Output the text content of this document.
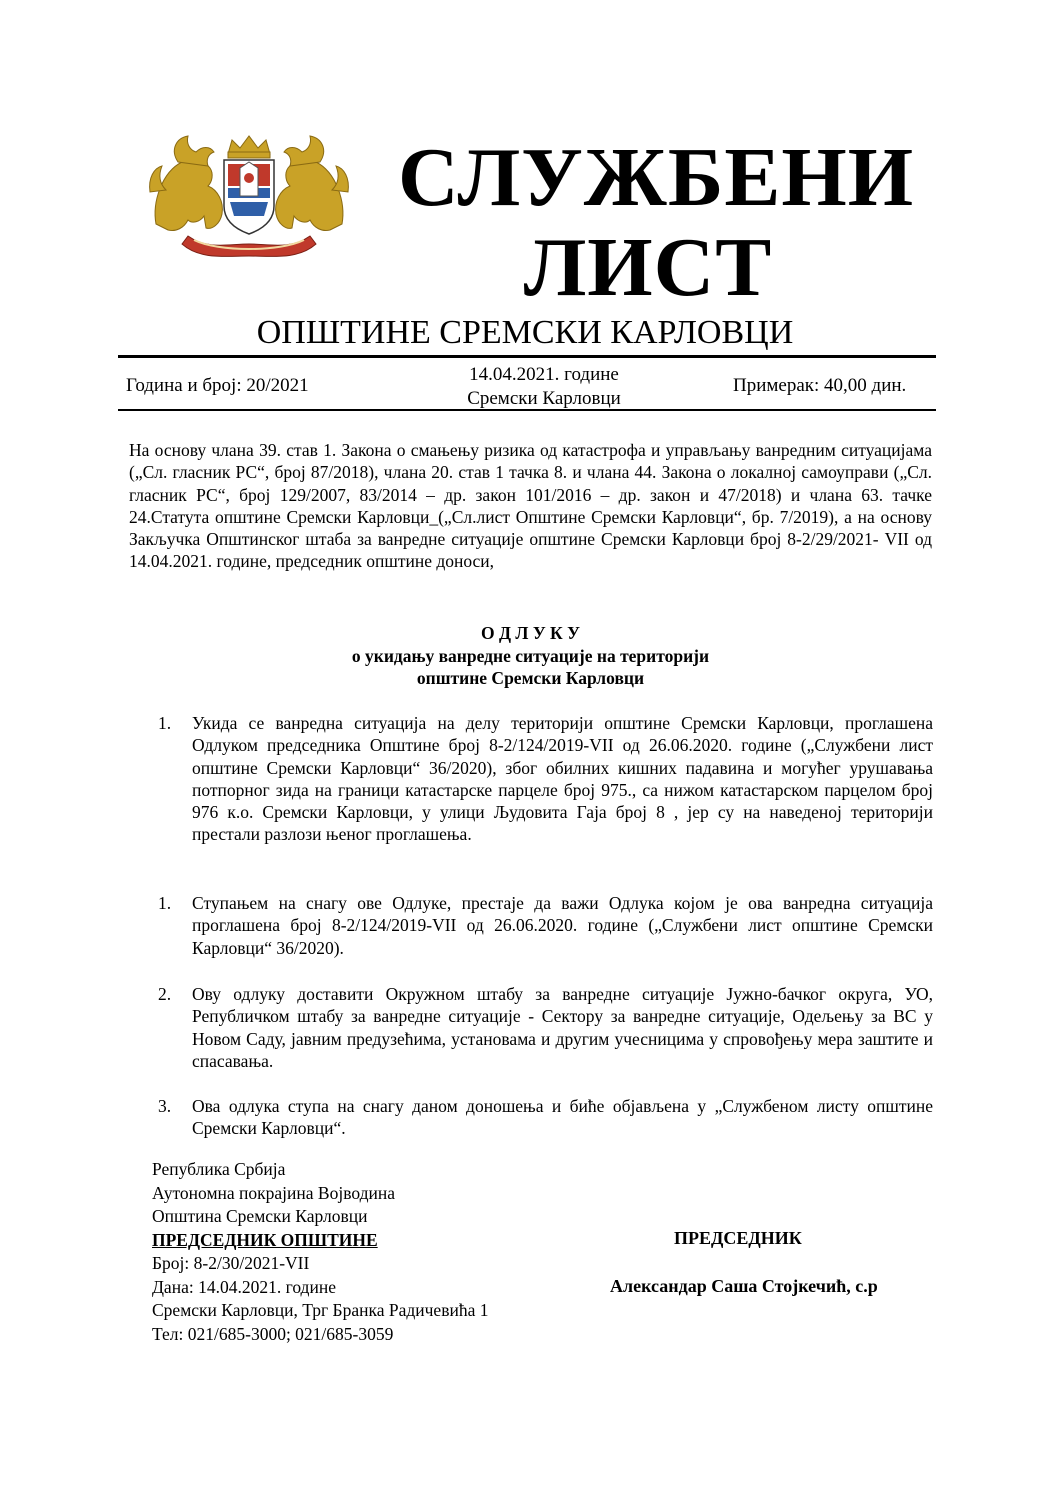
СЛУЖБЕНИ
ЛИСТ
ОПШТИНЕ СРЕМСКИ КАРЛОВЦИ
Година и број: 20/2021
14.04.2021. године
Сремски Карловци
Примерак: 40,00 дин.
На основу члана 39. став 1. Закона о смањењу ризика од катастрофа и управљању ванредним ситуацијама („Сл. гласник РС“, број 87/2018), члана 20. став 1 тачка 8. и члана 44. Закона о локалној самоуправи („Сл. гласник РС“, број 129/2007, 83/2014 – др. закон 101/2016 – др. закон и 47/2018) и члана 63. тачке 24.Статута општине Сремски Карловци_(„Сл.лист Општине Сремски Карловци“, бр. 7/2019), а на основу Закључка Општинског штаба за ванредне ситуације општине Сремски Карловци број 8-2/29/2021- VII од 14.04.2021. године, председник општине доноси,
О Д Л У К У
о укидању ванредне ситуације на територији
општине Сремски Карловци
1.	Укида се ванредна ситуација на делу територији општине Сремски Карловци, проглашена Одлуком председника Општине број 8-2/124/2019-VII од 26.06.2020. године („Службени лист општине Сремски Карловци“ 36/2020), због обилних кишних падавина и могућег урушавања потпорног зида на граници катастарске парцеле број 975., са нижом катастарском парцелом број 976 к.о. Сремски Карловци, у улици Људовита Гаја број 8 , јер су на наведеној територији престали разлози њеног проглашења.
1.	Ступањем на снагу ове Одлуке, престаје да важи Одлука којом је ова ванредна ситуација проглашена број 8-2/124/2019-VII од 26.06.2020. године („Службени лист општине Сремски Карловци“ 36/2020).
2.	Ову одлуку доставити Окружном штабу за ванредне ситуације Јужно-бачког округа, УО, Републичком штабу за ванредне ситуације - Сектору за ванредне ситуације, Одељењу за ВС у Новом Саду, јавним предузећима, установама и другим учесницима у спровођењу мера заштите и спасавања.
3.	Ова одлука ступа на снагу даном доношења и биће објављена у „Службеном листу општине Сремски Карловци“.
Република Србија
Аутономна покрајина Војводина
Општина Сремски Карловци
ПРЕДСЕДНИК ОПШТИНЕ
Број: 8-2/30/2021-VII
Дана: 14.04.2021. године
Сремски Карловци, Трг Бранка Радичевића 1
Тел: 021/685-3000; 021/685-3059
ПРЕДСЕДНИК
Александар Саша Стојкечић, с.р
